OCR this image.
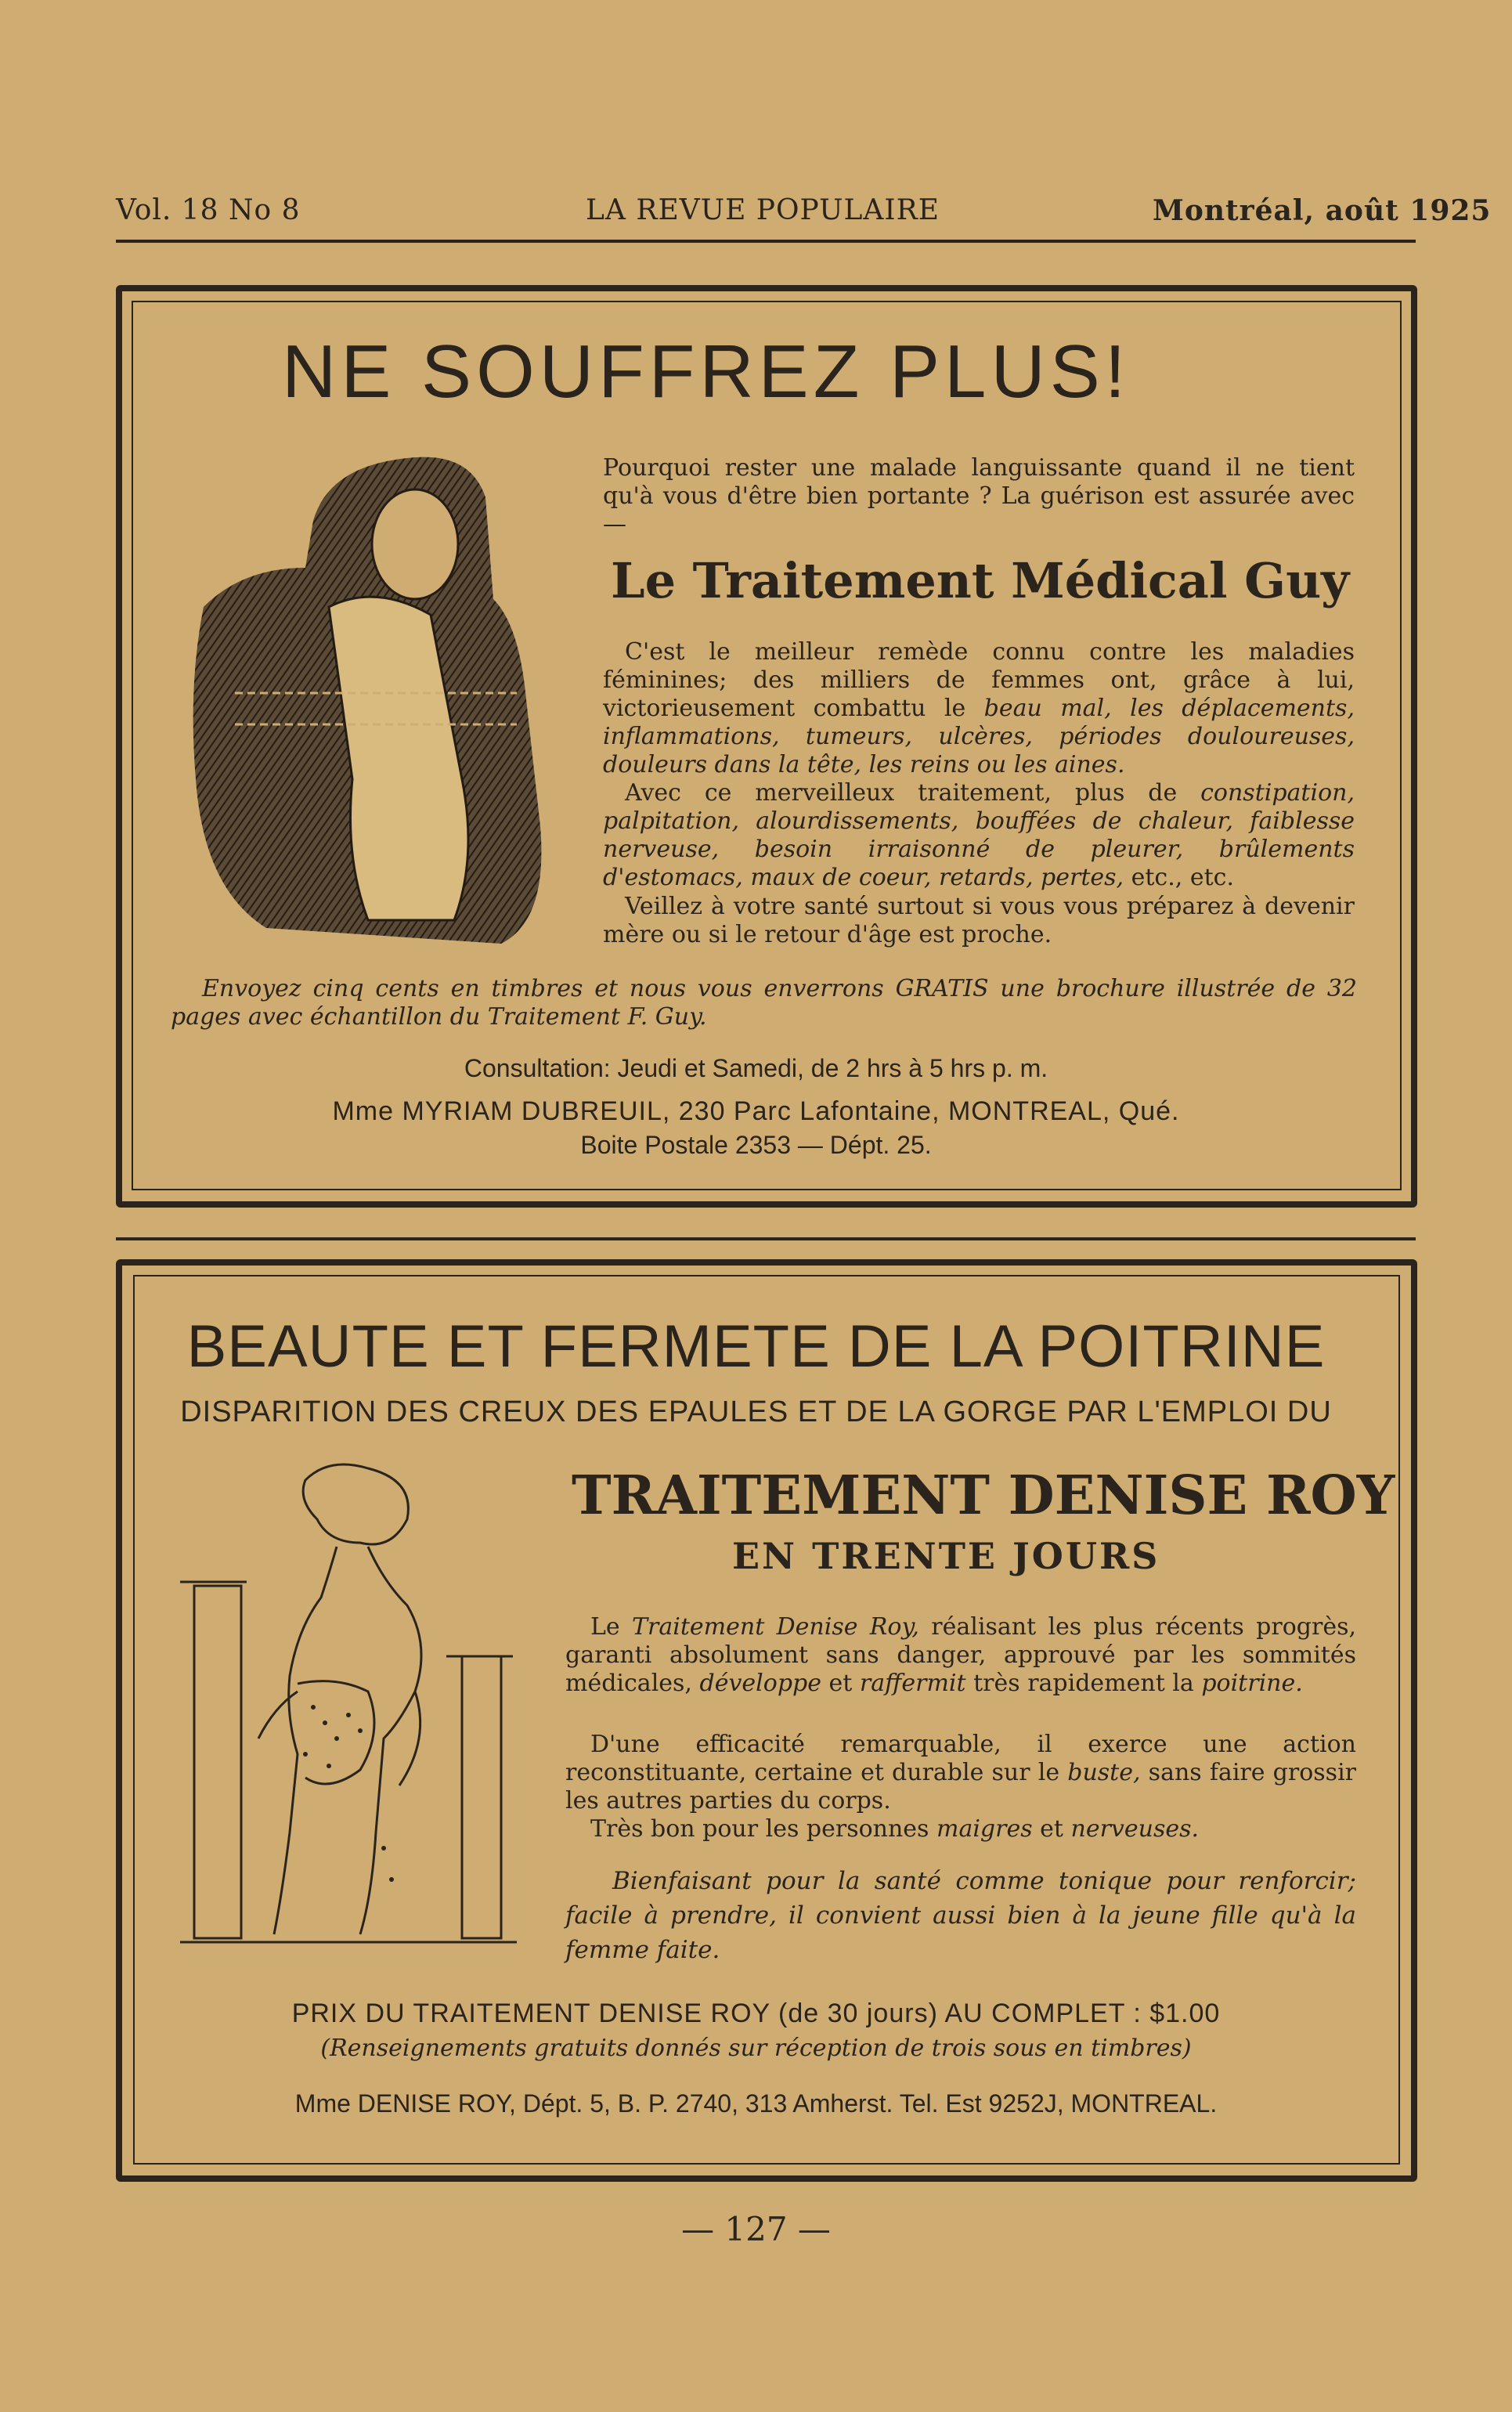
Vol. 18 No 8	LA REVUE POPULAIRE	Montréal, août 1925
NE SOUFFREZ PLUS!
Pourquoi rester une malade languissante quand il ne tient qu'à vous d'être bien portante ? La guérison est assurée avec —
Le Traitement Médical Guy
C'est le meilleur remède connu contre les maladies féminines; des milliers de femmes ont, grâce à lui, victorieusement combattu le beau mal, les déplacements, inflammations, tumeurs, ulcères, périodes douloureuses, douleurs dans la tête, les reins ou les aines.
Avec ce merveilleux traitement, plus de constipation, palpitation, alourdissements, bouffées de chaleur, faiblesse nerveuse, besoin irraisonné de pleurer, brûlements d'estomacs, maux de coeur, retards, pertes, etc., etc.
Veillez à votre santé surtout si vous vous préparez à devenir mère ou si le retour d'âge est proche.
Envoyez cinq cents en timbres et nous vous enverrons GRATIS une brochure illustrée de 32 pages avec échantillon du Traitement F. Guy.
Consultation: Jeudi et Samedi, de 2 hrs à 5 hrs p. m.
Mme MYRIAM DUBREUIL, 230 Parc Lafontaine, MONTREAL, Qué.
Boite Postale 2353 — Dépt. 25.
BEAUTE ET FERMETE DE LA POITRINE
DISPARITION DES CREUX DES EPAULES ET DE LA GORGE PAR L'EMPLOI DU
TRAITEMENT DENISE ROY
EN TRENTE JOURS
Le Traitement Denise Roy, réalisant les plus récents progrès, garanti absolument sans danger, approuvé par les sommités médicales, développe et raffermit très rapidement la poitrine.
D'une efficacité remarquable, il exerce une action reconstituante, certaine et durable sur le buste, sans faire grossir les autres parties du corps.
Très bon pour les personnes maigres et nerveuses.
Bienfaisant pour la santé comme tonique pour renforcir; facile à prendre, il convient aussi bien à la jeune fille qu'à la femme faite.
PRIX DU TRAITEMENT DENISE ROY (de 30 jours) AU COMPLET : $1.00
(Renseignements gratuits donnés sur réception de trois sous en timbres)
Mme DENISE ROY, Dépt. 5, B. P. 2740, 313 Amherst. Tel. Est 9252J, MONTREAL.
— 127 —
